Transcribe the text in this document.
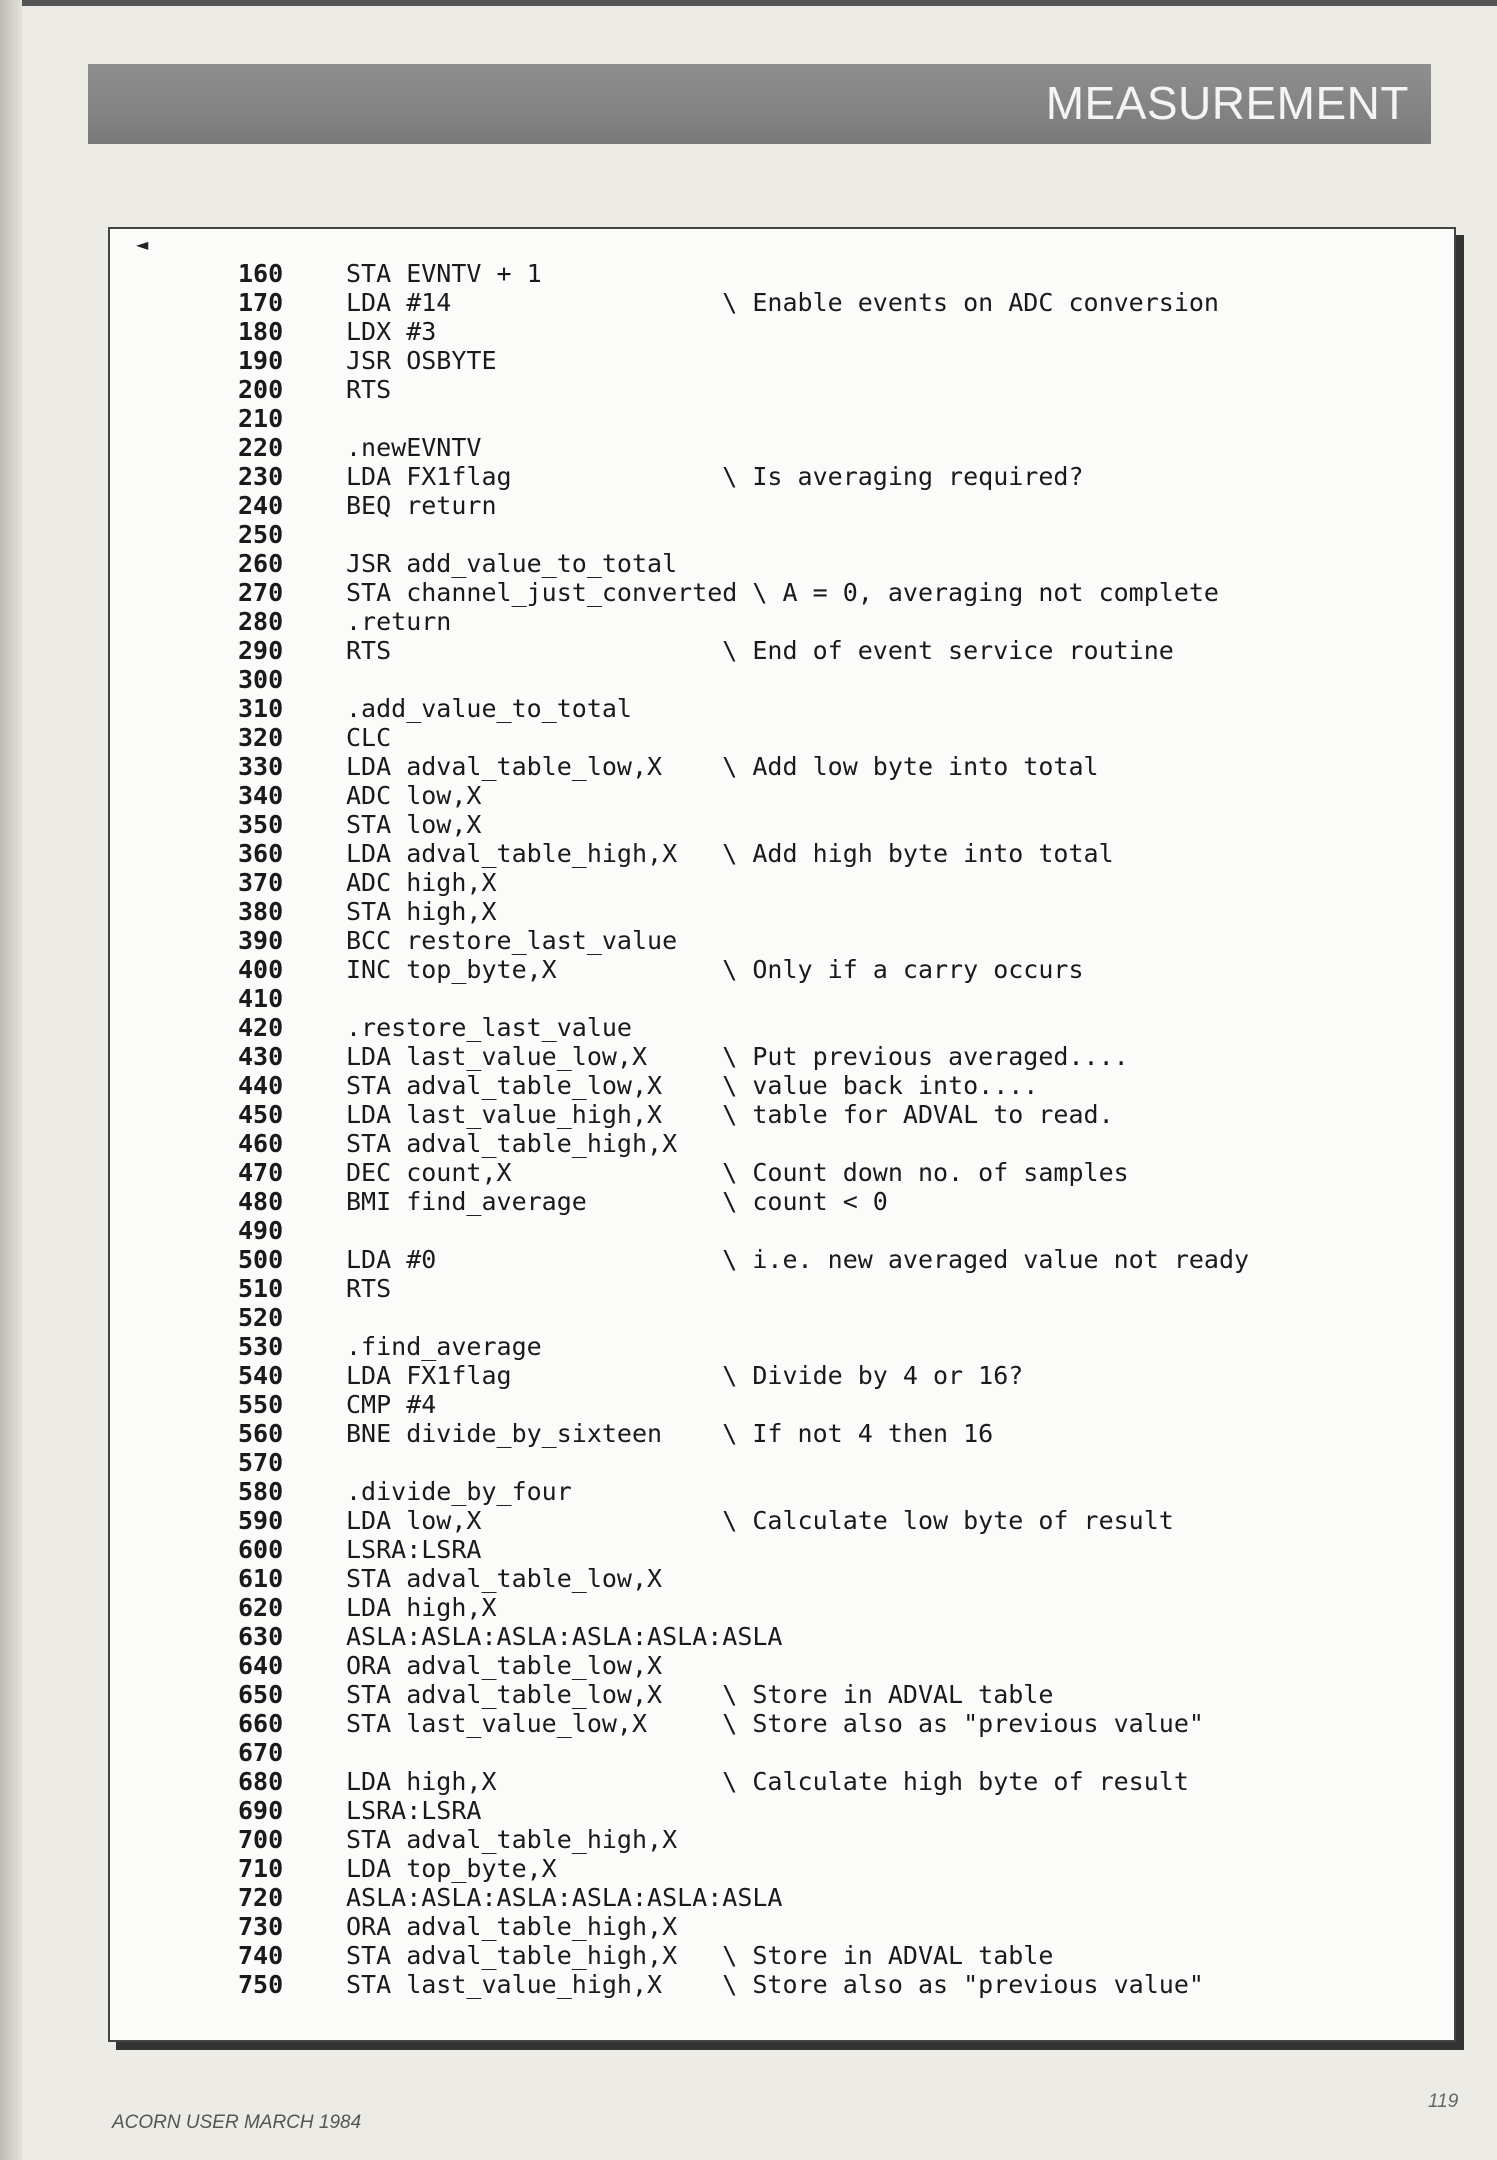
MEASUREMENT
◄
160	STA EVNTV + 1
170	LDA #14                  \ Enable events on ADC conversion
180	LDX #3
190	JSR OSBYTE
200	RTS
210
220	.newEVNTV
230	LDA FX1flag              \ Is averaging required?
240	BEQ return
250
260	JSR add_value_to_total
270	STA channel_just_converted \ A = 0, averaging not complete
280	.return
290	RTS                      \ End of event service routine
300
310	.add_value_to_total
320	CLC
330	LDA adval_table_low,X    \ Add low byte into total
340	ADC low,X
350	STA low,X
360	LDA adval_table_high,X   \ Add high byte into total
370	ADC high,X
380	STA high,X
390	BCC restore_last_value
400	INC top_byte,X           \ Only if a carry occurs
410
420	.restore_last_value
430	LDA last_value_low,X     \ Put previous averaged....
440	STA adval_table_low,X    \ value back into....
450	LDA last_value_high,X    \ table for ADVAL to read.
460	STA adval_table_high,X
470	DEC count,X              \ Count down no. of samples
480	BMI find_average         \ count < 0
490
500	LDA #0                   \ i.e. new averaged value not ready
510	RTS
520
530	.find_average
540	LDA FX1flag              \ Divide by 4 or 16?
550	CMP #4
560	BNE divide_by_sixteen    \ If not 4 then 16
570
580	.divide_by_four
590	LDA low,X                \ Calculate low byte of result
600	LSRA:LSRA
610	STA adval_table_low,X
620	LDA high,X
630	ASLA:ASLA:ASLA:ASLA:ASLA:ASLA
640	ORA adval_table_low,X
650	STA adval_table_low,X    \ Store in ADVAL table
660	STA last_value_low,X     \ Store also as "previous value"
670
680	LDA high,X               \ Calculate high byte of result
690	LSRA:LSRA
700	STA adval_table_high,X
710	LDA top_byte,X
720	ASLA:ASLA:ASLA:ASLA:ASLA:ASLA
730	ORA adval_table_high,X
740	STA adval_table_high,X   \ Store in ADVAL table
750	STA last_value_high,X    \ Store also as "previous value"
ACORN USER MARCH 1984
119
